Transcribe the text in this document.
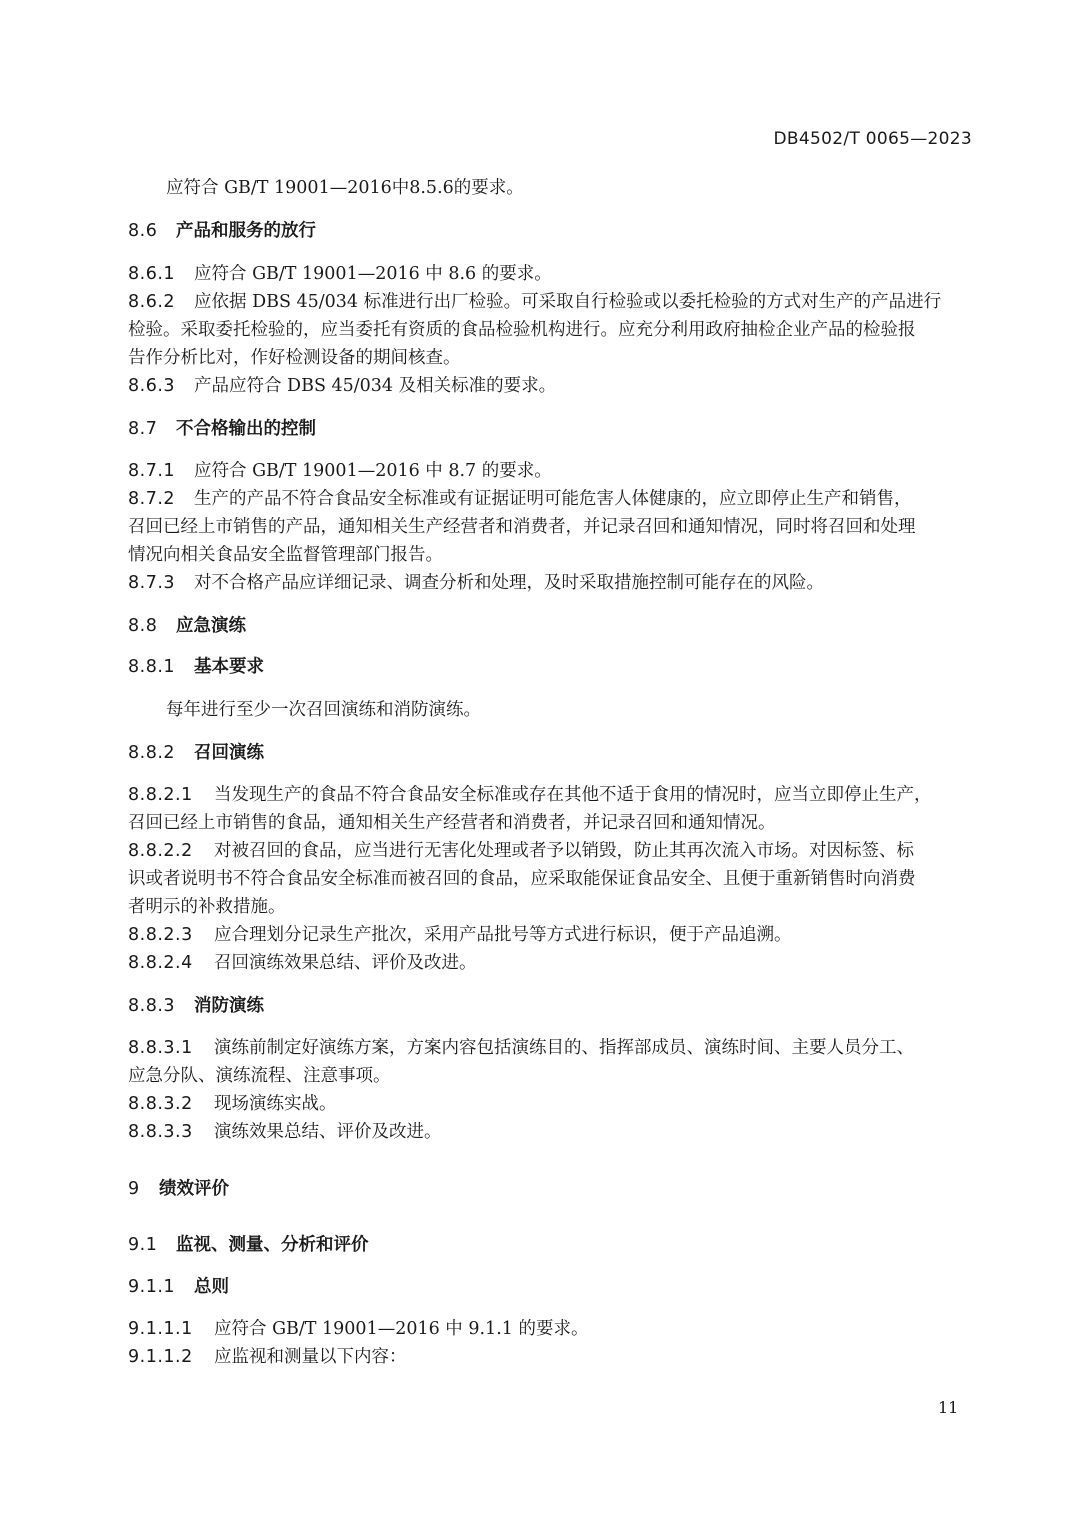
DB4502/T 0065—2023
应符合 GB/T 19001—2016中8.5.6的要求。
8.6 产品和服务的放行
8.6.1 应符合 GB/T 19001—2016 中 8.6 的要求。
8.6.2 应依据 DBS 45/034 标准进行出厂检验。可采取自行检验或以委托检验的方式对生产的产品进行
检验。采取委托检验的，应当委托有资质的食品检验机构进行。应充分利用政府抽检企业产品的检验报
告作分析比对，作好检测设备的期间核查。
8.6.3 产品应符合 DBS 45/034 及相关标准的要求。
8.7 不合格输出的控制
8.7.1 应符合 GB/T 19001—2016 中 8.7 的要求。
8.7.2 生产的产品不符合食品安全标准或有证据证明可能危害人体健康的，应立即停止生产和销售，
召回已经上市销售的产品，通知相关生产经营者和消费者，并记录召回和通知情况，同时将召回和处理
情况向相关食品安全监督管理部门报告。
8.7.3 对不合格产品应详细记录、调查分析和处理，及时采取措施控制可能存在的风险。
8.8 应急演练
8.8.1 基本要求
每年进行至少一次召回演练和消防演练。
8.8.2 召回演练
8.8.2.1 当发现生产的食品不符合食品安全标准或存在其他不适于食用的情况时，应当立即停止生产，
召回已经上市销售的食品，通知相关生产经营者和消费者，并记录召回和通知情况。
8.8.2.2 对被召回的食品，应当进行无害化处理或者予以销毁，防止其再次流入市场。对因标签、标
识或者说明书不符合食品安全标准而被召回的食品，应采取能保证食品安全、且便于重新销售时向消费
者明示的补救措施。
8.8.2.3 应合理划分记录生产批次，采用产品批号等方式进行标识，便于产品追溯。
8.8.2.4 召回演练效果总结、评价及改进。
8.8.3 消防演练
8.8.3.1 演练前制定好演练方案，方案内容包括演练目的、指挥部成员、演练时间、主要人员分工、
应急分队、演练流程、注意事项。
8.8.3.2 现场演练实战。
8.8.3.3 演练效果总结、评价及改进。
9 绩效评价
9.1 监视、测量、分析和评价
9.1.1 总则
9.1.1.1 应符合 GB/T 19001—2016 中 9.1.1 的要求。
9.1.1.2 应监视和测量以下内容：
11
